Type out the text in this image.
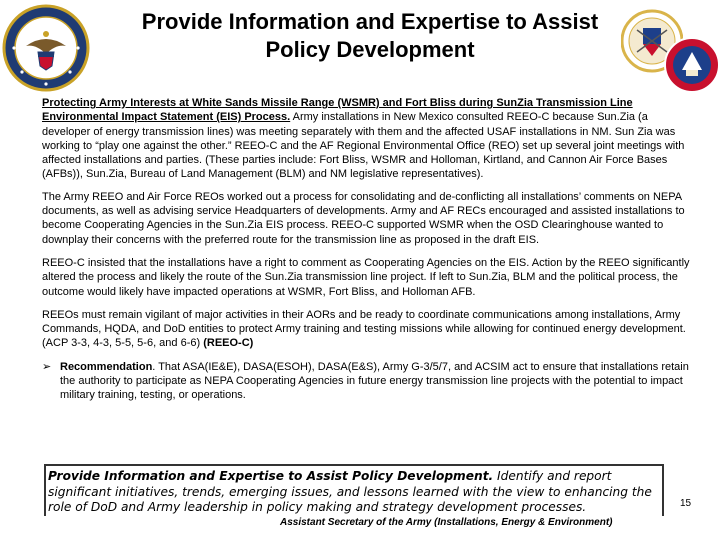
Provide Information and Expertise to Assist
Policy Development

Protecting Army Interests at White Sands Missile Range (WSMR) and Fort Bliss during SunZia Transmission Line Environmental Impact Statement (EIS) Process. Army installations in New Mexico consulted REEO-C because Sun.Zia (a developer of energy transmission lines) was meeting separately with them and the affected USAF installations in NM. Sun Zia was working to “play one against the other.” REEO-C and the AF Regional Environmental Office (REO) set up several joint meetings with affected installations and parties. (These parties include: Fort Bliss, WSMR and Holloman, Kirtland, and Cannon Air Force Bases (AFBs)), Sun.Zia, Bureau of Land Management (BLM) and NM legislative representatives).

The Army REEO and Air Force REOs worked out a process for consolidating and de-conflicting all installations’ comments on NEPA documents, as well as advising service Headquarters of developments. Army and AF RECs encouraged and assisted installations to become Cooperating Agencies in the Sun.Zia EIS process. REEO-C supported WSMR when the OSD Clearinghouse wanted to downplay their concerns with the preferred route for the transmission line as proposed in the draft EIS.

REEO-C insisted that the installations have a right to comment as Cooperating Agencies on the EIS. Action by the REEO significantly altered the process and likely the route of the Sun.Zia transmission line project. If left to Sun.Zia, BLM and the political process, the outcome would likely have impacted operations at WSMR, Fort Bliss, and Holloman AFB.

REEOs must remain vigilant of major activities in their AORs and be ready to coordinate communications among installations, Army Commands, HQDA, and DoD entities to protect Army training and testing missions while allowing for continued energy development. (ACP 3-3, 4-3, 5-5, 5-6, and 6-6) (REEO-C)

➢ Recommendation. That ASA(IE&E), DASA(ESOH), DASA(E&S), Army G-3/5/7, and ACSIM act to ensure that installations retain the authority to participate as NEPA Cooperating Agencies in future energy transmission line projects with the potential to impact military training, testing, or operations.
Provide Information and Expertise to Assist Policy Development. Identify and report significant initiatives, trends, emerging issues, and lessons learned with the view to enhancing the role of DoD and Army leadership in policy making and strategy development processes.	15
Assistant Secretary of the Army (Installations, Energy & Environment)
